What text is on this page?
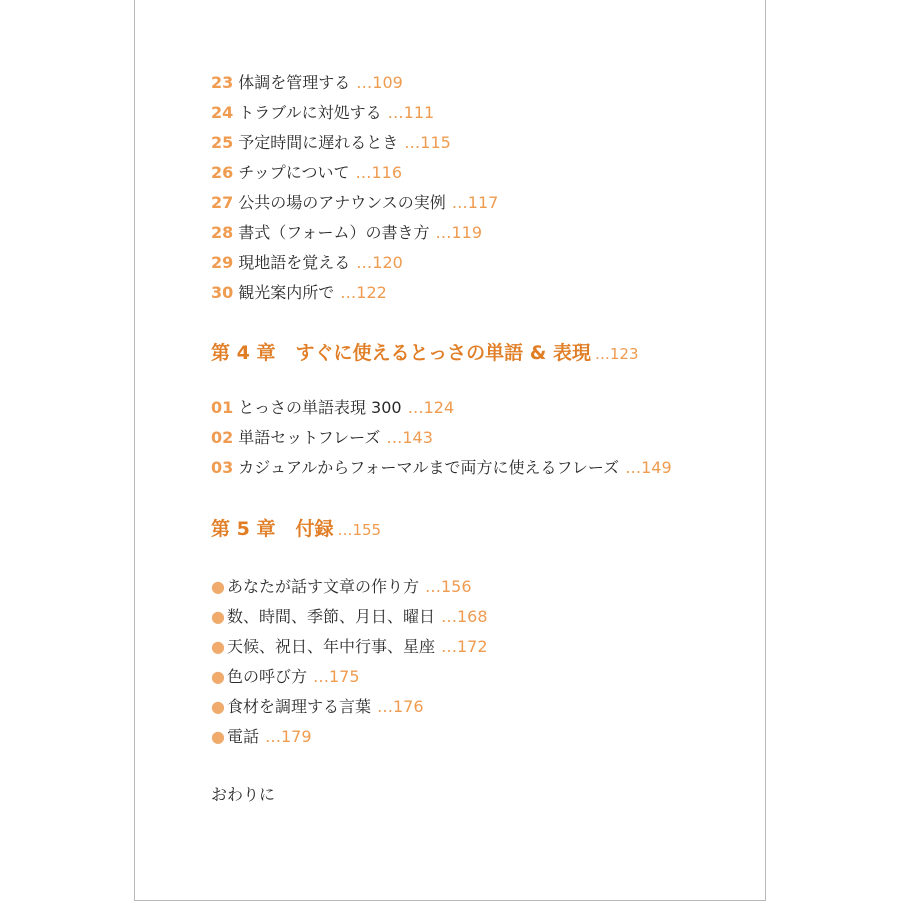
23 体調を管理する …109
24 トラブルに対処する …111
25 予定時間に遅れるとき …115
26 チップについて …116
27 公共の場のアナウンスの実例 …117
28 書式（フォーム）の書き方 …119
29 現地語を覚える …120
30 観光案内所で …122
第 4 章 すぐに使えるとっさの単語 & 表現 …123
01 とっさの単語表現 300 …124
02 単語セットフレーズ …143
03 カジュアルからフォーマルまで両方に使えるフレーズ …149
第 5 章 付録 …155
● あなたが話す文章の作り方 …156
● 数、時間、季節、月日、曜日 …168
● 天候、祝日、年中行事、星座 …172
● 色の呼び方 …175
● 食材を調理する言葉 …176
● 電話 …179
おわりに
